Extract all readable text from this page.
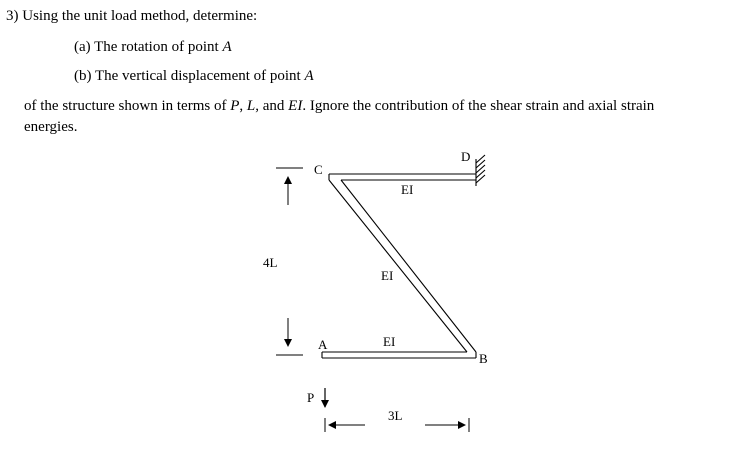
3) Using the unit load method, determine:
(a) The rotation of point A
(b) The vertical displacement of point A
of the structure shown in terms of P, L, and EI. Ignore the contribution of the shear strain and axial strain
energies.
C
D
A
B
EI
EI
EI
4L
P
3L
